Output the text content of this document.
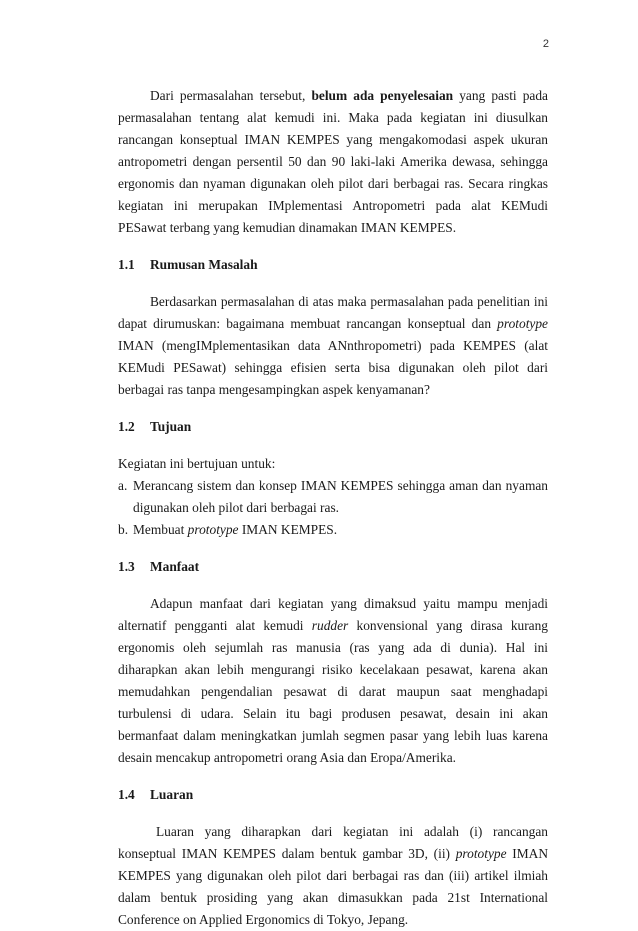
2

Dari permasalahan tersebut, belum ada penyelesaian yang pasti pada permasalahan tentang alat kemudi ini. Maka pada kegiatan ini diusulkan rancangan konseptual IMAN KEMPES yang mengakomodasi aspek ukuran antropometri dengan persentil 50 dan 90 laki-laki Amerika dewasa, sehingga ergonomis dan nyaman digunakan oleh pilot dari berbagai ras. Secara ringkas kegiatan ini merupakan IMplementasi Antropometri pada alat KEMudi PESawat terbang yang kemudian dinamakan IMAN KEMPES.

1.1 Rumusan Masalah

Berdasarkan permasalahan di atas maka permasalahan pada penelitian ini dapat dirumuskan: bagaimana membuat rancangan konseptual dan prototype IMAN (mengIMplementasikan data ANnthropometri) pada KEMPES (alat KEMudi PESawat) sehingga efisien serta bisa digunakan oleh pilot dari berbagai ras tanpa mengesampingkan aspek kenyamanan?

1.2 Tujuan

Kegiatan ini bertujuan untuk:

a. Merancang sistem dan konsep IMAN KEMPES sehingga aman dan nyaman digunakan oleh pilot dari berbagai ras.
b. Membuat prototype IMAN KEMPES.
1.3 Manfaat

Adapun manfaat dari kegiatan yang dimaksud yaitu mampu menjadi alternatif pengganti alat kemudi rudder konvensional yang dirasa kurang ergonomis oleh sejumlah ras manusia (ras yang ada di dunia). Hal ini diharapkan akan lebih mengurangi risiko kecelakaan pesawat, karena akan memudahkan pengendalian pesawat di darat maupun saat menghadapi turbulensi di udara. Selain itu bagi produsen pesawat, desain ini akan bermanfaat dalam meningkatkan jumlah segmen pasar yang lebih luas karena desain mencakup antropometri orang Asia dan Eropa/Amerika.

1.4 Luaran

Luaran yang diharapkan dari kegiatan ini adalah (i) rancangan konseptual IMAN KEMPES dalam bentuk gambar 3D, (ii) prototype IMAN KEMPES yang digunakan oleh pilot dari berbagai ras dan (iii) artikel ilmiah dalam bentuk prosiding yang akan dimasukkan pada 21st International Conference on Applied Ergonomics di Tokyo, Jepang.
